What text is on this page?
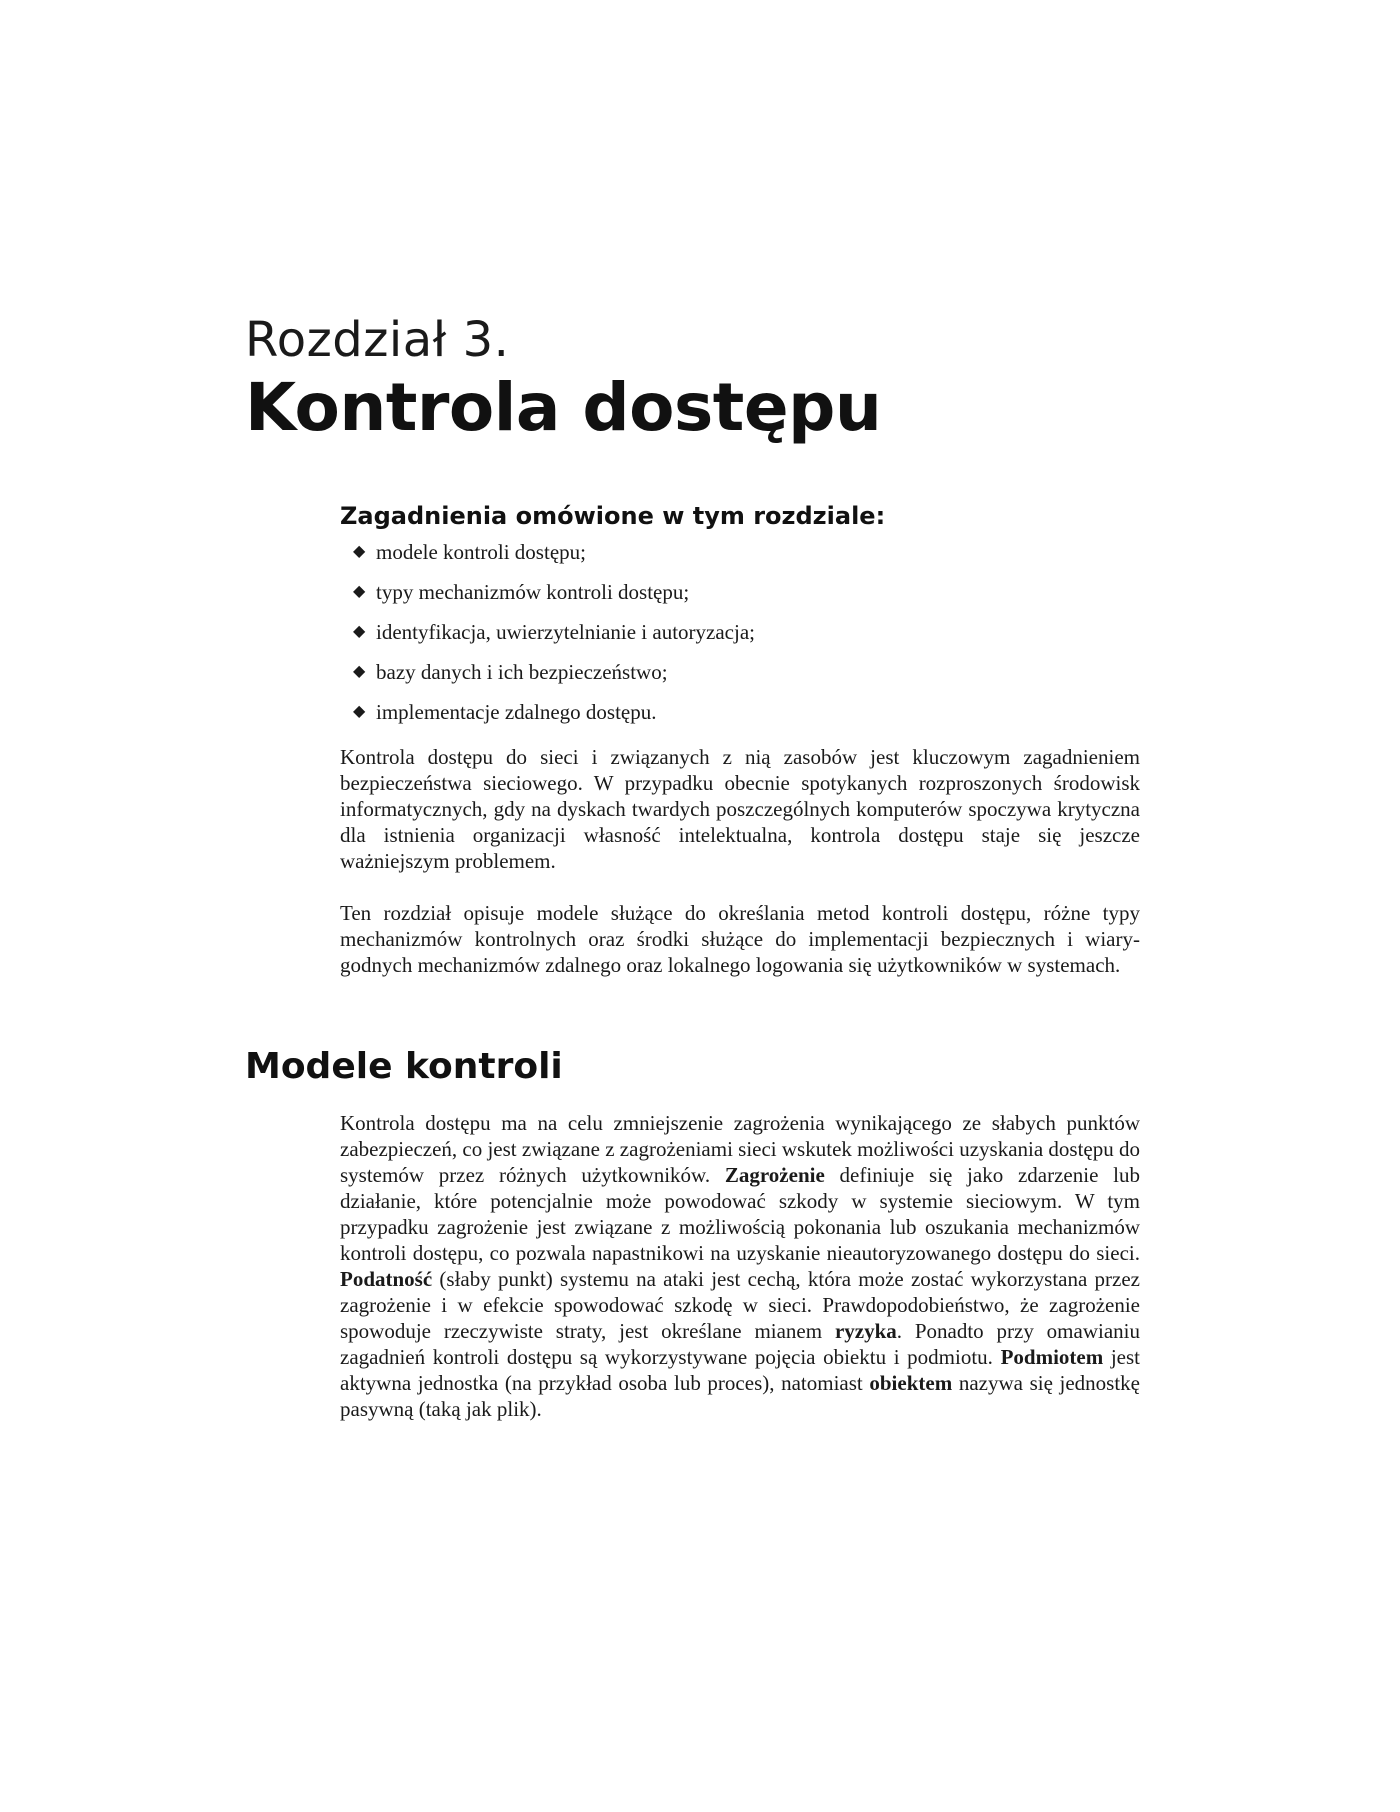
Rozdział 3.
Kontrola dostępu
Zagadnienia omówione w tym rozdziale:
◆ modele kontroli dostępu;
◆ typy mechanizmów kontroli dostępu;
◆ identyfikacja, uwierzytelnianie i autoryzacja;
◆ bazy danych i ich bezpieczeństwo;
◆ implementacje zdalnego dostępu.

Kontrola dostępu do sieci i związanych z nią zasobów jest kluczowym zagadnieniem bezpieczeństwa sieciowego. W przypadku obecnie spotykanych rozproszonych środowisk informatycznych, gdy na dyskach twardych poszczególnych komputerów spoczywa krytyczna dla istnienia organizacji własność intelektualna, kontrola dostępu staje się jeszcze ważniejszym problemem.

Ten rozdział opisuje modele służące do określania metod kontroli dostępu, różne typy mechanizmów kontrolnych oraz środki służące do implementacji bezpiecznych i wiarygodnych mechanizmów zdalnego oraz lokalnego logowania się użytkowników w systemach.

Modele kontroli

Kontrola dostępu ma na celu zmniejszenie zagrożenia wynikającego ze słabych punktów zabezpieczeń, co jest związane z zagrożeniami sieci wskutek możliwości uzyskania dostępu do systemów przez różnych użytkowników. Zagrożenie definiuje się jako zdarzenie lub działanie, które potencjalnie może powodować szkody w systemie sieciowym. W tym przypadku zagrożenie jest związane z możliwością pokonania lub oszukania mechanizmów kontroli dostępu, co pozwala napastnikowi na uzyskanie nieautoryzowanego dostępu do sieci. Podatność (słaby punkt) systemu na ataki jest cechą, która może zostać wykorzystana przez zagrożenie i w efekcie spowodować szkodę w sieci. Prawdopodobieństwo, że zagrożenie spowoduje rzeczywiste straty, jest określane mianem ryzyka. Ponadto przy omawianiu zagadnień kontroli dostępu są wykorzystywane pojęcia obiektu i podmiotu. Podmiotem jest aktywna jednostka (na przykład osoba lub proces), natomiast obiektem nazywa się jednostkę pasywną (taką jak plik).
